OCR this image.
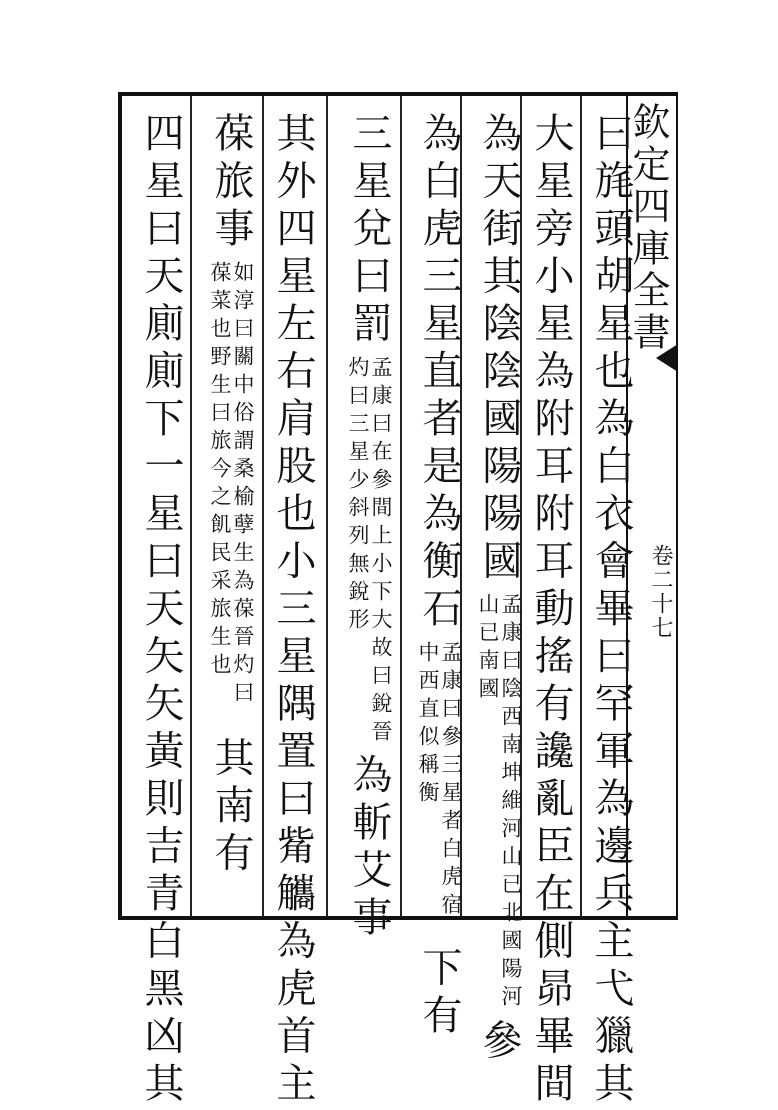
欽定四庫全書
卷二十七
曰旄頭胡星也為白衣會畢曰罕軍為邊兵主弋獵其
大星旁小星為附耳附耳動搖有讒亂臣在側昴畢間
為天街其陰陰國陽陽國孟康曰陰西南坤維河山已北國陽河山已南國參
為白虎三星直者是為衡石孟康曰參三星者白虎宿中西直似稱衡下有
三星兌曰罰孟康曰在參間上小下大故曰銳晉灼曰三星少斜列無銳形為斬艾事
其外四星左右肩股也小三星隅置曰觜觿為虎首主
葆旅事如淳曰關中俗謂桑榆孽生為葆晉灼曰葆菜也野生曰旅今之飢民采旅生也其南有
四星曰天廁廁下一星曰天矢矢黃則吉青白黑凶其
